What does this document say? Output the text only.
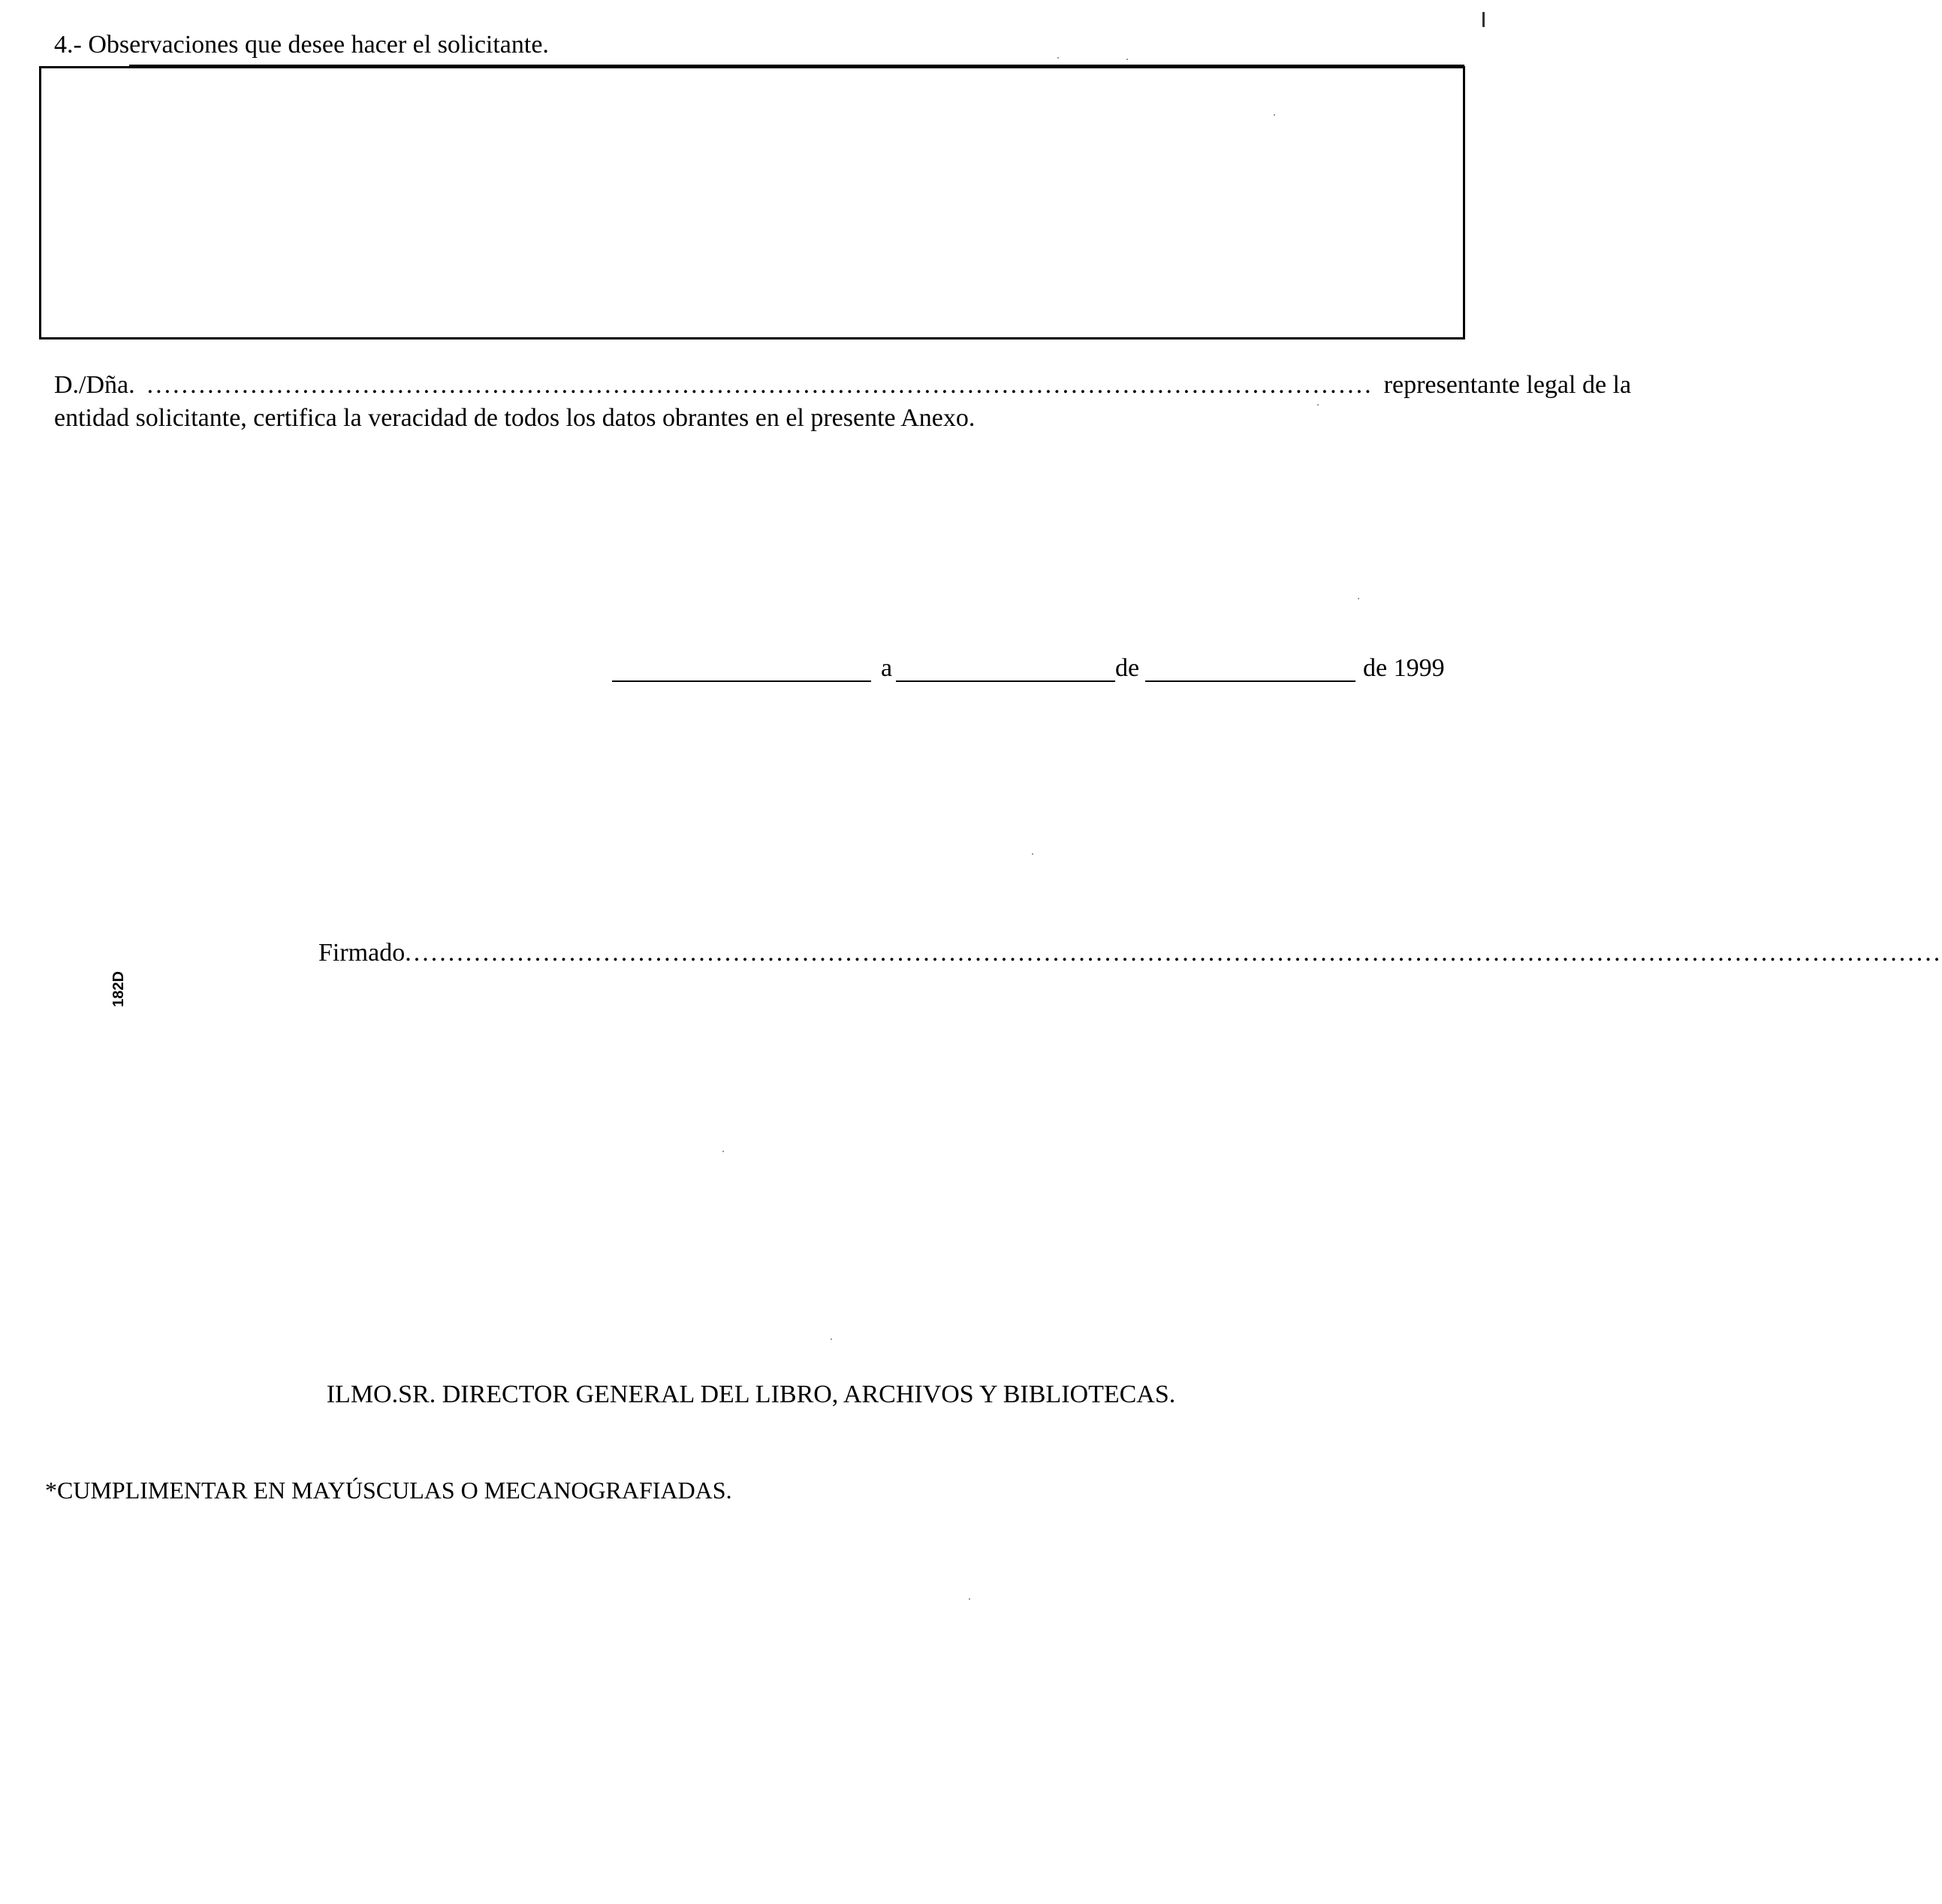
4.- Observaciones que desee hacer el solicitante.
D./Dña. .............................................................................................................................................. representante legal de la
entidad solicitante, certifica la veracidad de todos los datos obrantes en el presente Anexo.
a	de	de 1999
Firmado ..................................................................................................................................................................................
182D
ILMO.SR. DIRECTOR GENERAL DEL LIBRO, ARCHIVOS Y BIBLIOTECAS.
*CUMPLIMENTAR EN MAYÚSCULAS O MECANOGRAFIADAS.
